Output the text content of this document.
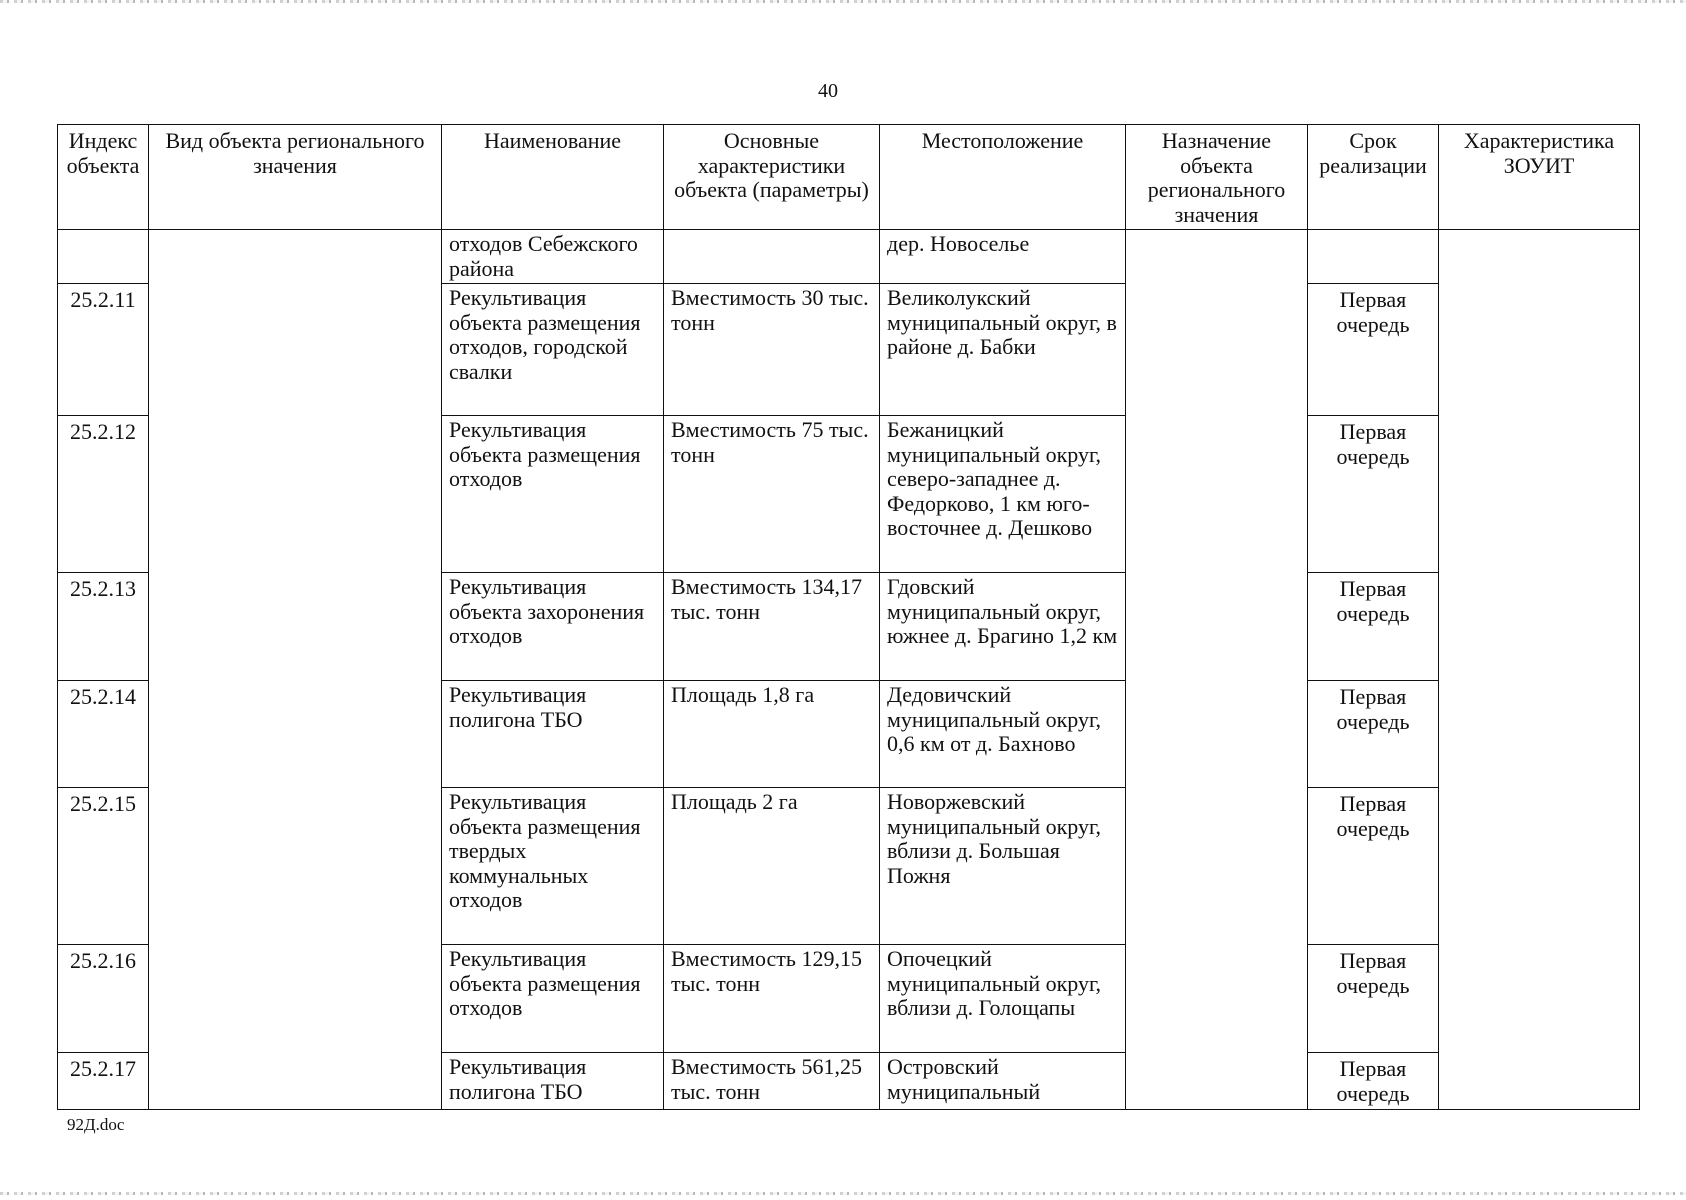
40
Индекс объекта	Вид объекта регионального значения	Наименование	Основные характеристики объекта (параметры)	Местоположение	Назначение объекта регионального значения	Срок реализации	Характеристика ЗОУИТ
		отходов Себежского района		дер. Новоселье			
25.2.11		Рекультивация объекта размещения отходов, городской свалки	Вместимость 30 тыс. тонн	Великолукский муниципальный округ, в районе д. Бабки		Первая очередь	
25.2.12		Рекультивация объекта размещения отходов	Вместимость 75 тыс. тонн	Бежаницкий муниципальный округ, северо-западнее д. Федорково, 1 км юго-восточнее д. Дешково		Первая очередь	
25.2.13		Рекультивация объекта захоронения отходов	Вместимость 134,17 тыс. тонн	Гдовский муниципальный округ, южнее д. Брагино 1,2 км		Первая очередь	
25.2.14		Рекультивация полигона ТБО	Площадь 1,8 га	Дедовичский муниципальный округ, 0,6 км от д. Бахново		Первая очередь	
25.2.15		Рекультивация объекта размещения твердых коммунальных отходов	Площадь 2 га	Новоржевский муниципальный округ, вблизи д. Большая Пожня		Первая очередь	
25.2.16		Рекультивация объекта размещения отходов	Вместимость 129,15 тыс. тонн	Опочецкий муниципальный округ, вблизи д. Голощапы		Первая очередь	
25.2.17		Рекультивация полигона ТБО	Вместимость 561,25 тыс. тонн	Островский муниципальный		Первая очередь	
92Д.doc
